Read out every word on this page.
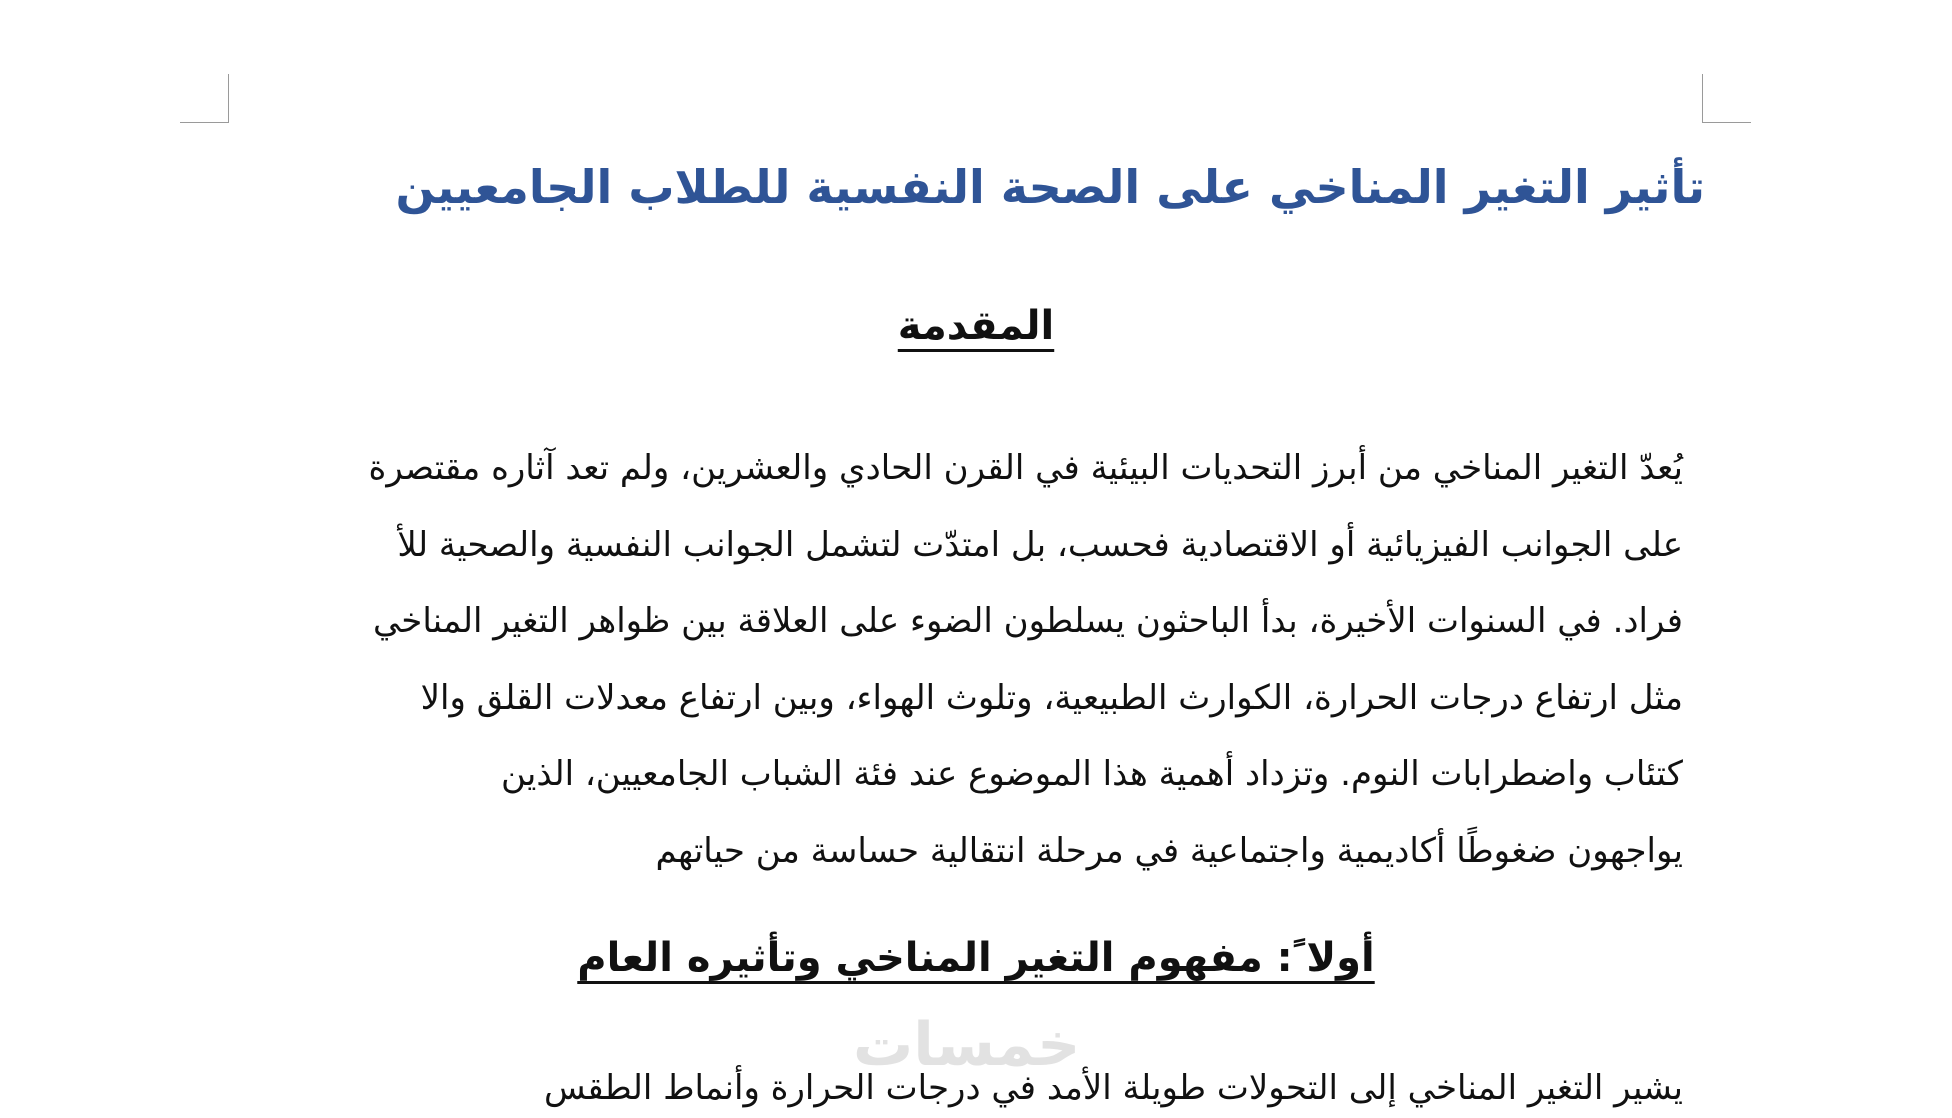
تأثير التغير المناخي على الصحة النفسية للطلاب الجامعيين
المقدمة
يُعدّ التغير المناخي من أبرز التحديات البيئية في القرن الحادي والعشرين، ولم تعد آثاره مقتصرة
على الجوانب الفيزيائية أو الاقتصادية فحسب، بل امتدّت لتشمل الجوانب النفسية والصحية للأ
فراد. في السنوات الأخيرة، بدأ الباحثون يسلطون الضوء على العلاقة بين ظواهر التغير المناخي
مثل ارتفاع درجات الحرارة، الكوارث الطبيعية، وتلوث الهواء، وبين ارتفاع معدلات القلق والا
كتئاب واضطرابات النوم. وتزداد أهمية هذا الموضوع عند فئة الشباب الجامعيين، الذين
يواجهون ضغوطًا أكاديمية واجتماعية في مرحلة انتقالية حساسة من حياتهم
أولا ً: مفهوم التغير المناخي وتأثيره العام
خمسات
يشير التغير المناخي إلى التحولات طويلة الأمد في درجات الحرارة وأنماط الطقس
